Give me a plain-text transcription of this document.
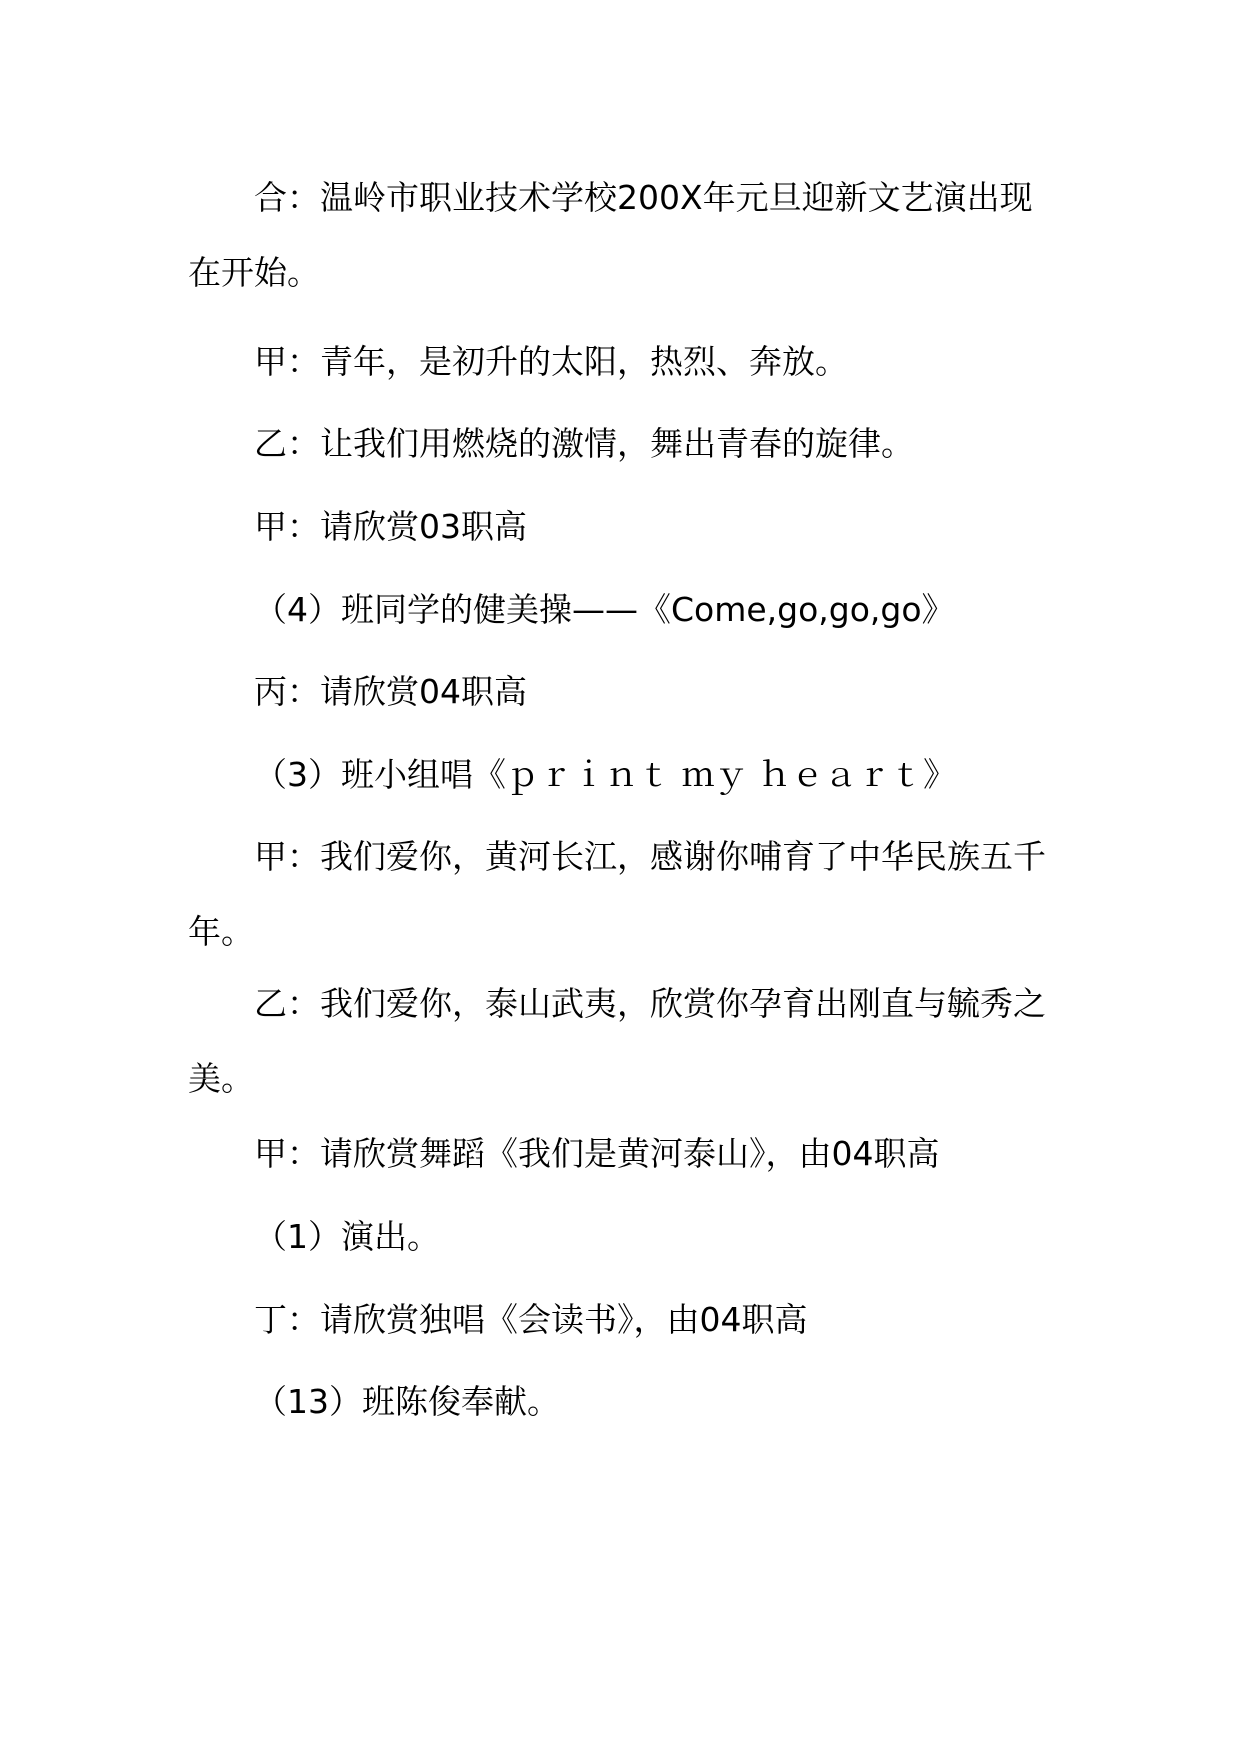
合：温岭市职业技术学校200X年元旦迎新文艺演出现在开始。

甲：青年，是初升的太阳，热烈、奔放。

乙：让我们用燃烧的激情，舞出青春的旋律。

甲：请欣赏03职高

（4）班同学的健美操——《Come,go,go,go》

丙：请欣赏04职高

（3）班小组唱《ｐｒｉｎｔ ｍｙ ｈｅａｒｔ》

甲：我们爱你，黄河长江，感谢你哺育了中华民族五千年。

乙：我们爱你，泰山武夷，欣赏你孕育出刚直与毓秀之美。

甲：请欣赏舞蹈《我们是黄河泰山》，由04职高

（1）演出。

丁：请欣赏独唱《会读书》，由04职高

（13）班陈俊奉献。
